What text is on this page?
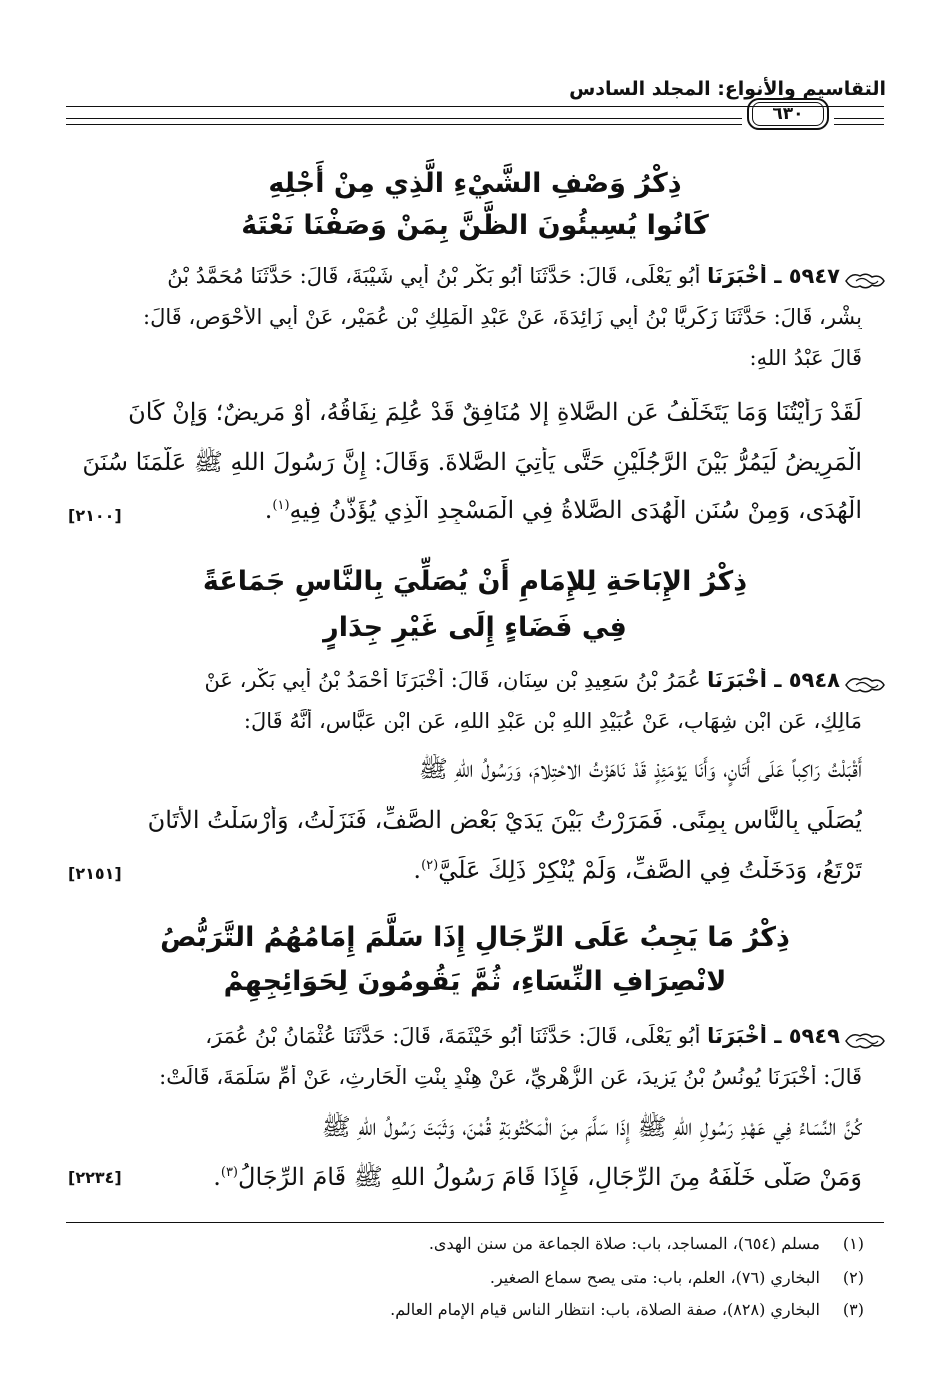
التقاسيم والأنواع: المجلد السادس
٦٣٠
ذِكْرُ وَصْفِ الشَّيْءِ الَّذِي مِنْ أَجْلِهِ
كَانُوا يُسِيئُونَ الظَّنَّ بِمَنْ وَصَفْنَا نَعْتَهُ
٥٩٤٧ ـ أَخْبَرَنَا أَبُو يَعْلَى، قَالَ: حَدَّثَنَا أَبُو بَكْرِ بْنُ أَبِي شَيْبَةَ، قَالَ: حَدَّثَنَا مُحَمَّدُ بْنُ
بِشْرٍ، قَالَ: حَدَّثَنَا زَكَرِيَّا بْنُ أَبِي زَائِدَةَ، عَنْ عَبْدِ الْمَلِكِ بْنِ عُمَيْرٍ، عَنْ أَبِي الأَحْوَصِ، قَالَ:
قَالَ عَبْدُ اللهِ:
لَقَدْ رَأَيْتُنَا وَمَا يَتَخَلَّفُ عَنِ الصَّلاةِ إِلا مُنَافِقٌ قَدْ عُلِمَ نِفَاقُهُ، أَوْ مَرِيضٌ؛ وَإِنْ كَانَ
الْمَرِيضُ لَيَمُرُّ بَيْنَ الرَّجُلَيْنِ حَتَّى يَأْتِيَ الصَّلاةَ. وَقَالَ: إِنَّ رَسُولَ اللهِ ﷺ عَلَّمَنَا سُنَنَ
الْهُدَى، وَمِنْ سُنَنِ الْهُدَى الصَّلاةُ فِي الْمَسْجِدِ الَّذِي يُؤَذَّنُ فِيهِ$^{(١)}$.
[٢١٠٠]
ذِكْرُ الإِبَاحَةِ لِلإِمَامِ أَنْ يُصَلِّيَ بِالنَّاسِ جَمَاعَةً
فِي فَضَاءٍ إِلَى غَيْرِ جِدَارٍ
٥٩٤٨ ـ أَخْبَرَنَا عُمَرُ بْنُ سَعِيدِ بْنِ سِنَانٍ، قَالَ: أَخْبَرَنَا أَحْمَدُ بْنُ أَبِي بَكْرٍ، عَنْ
مَالِكٍ، عَنِ ابْنِ شِهَابٍ، عَنْ عُبَيْدِ اللهِ بْنِ عَبْدِ اللهِ، عَنِ ابْنِ عَبَّاسٍ، أَنَّهُ قَالَ:
أَقْبَلْتُ رَاكِباً عَلَى أَتَانٍ، وَأَنَا يَوْمَئِذٍ قَدْ نَاهَزْتُ الاحْتِلامَ، وَرَسُولُ اللهِ ﷺ
يُصَلِّي بِالنَّاسِ بِمِنًى. فَمَرَرْتُ بَيْنَ يَدَيْ بَعْضِ الصَّفِّ، فَنَزَلْتُ، وَأَرْسَلْتُ الأَتَانَ
تَرْتَعُ، وَدَخَلْتُ فِي الصَّفِّ، وَلَمْ يُنْكِرْ ذَلِكَ عَلَيَّ$^{(٢)}$.
[٢١٥١]
ذِكْرُ مَا يَجِبُ عَلَى الرِّجَالِ إِذَا سَلَّمَ إِمَامُهُمُ التَّرَبُّصُ
لانْصِرَافِ النِّسَاءِ، ثُمَّ يَقُومُونَ لِحَوَائِجِهِمْ
٥٩٤٩ ـ أَخْبَرَنَا أَبُو يَعْلَى، قَالَ: حَدَّثَنَا أَبُو خَيْثَمَةَ، قَالَ: حَدَّثَنَا عُثْمَانُ بْنُ عُمَرَ،
قَالَ: أَخْبَرَنَا يُونُسُ بْنُ يَزِيدَ، عَنِ الزُّهْرِيِّ، عَنْ هِنْدٍ بِنْتِ الْحَارِثِ، عَنْ أُمِّ سَلَمَةَ، قَالَتْ:
كُنَّ النِّسَاءُ فِي عَهْدِ رَسُولِ اللهِ ﷺ إِذَا سَلَّمَ مِنَ الْمَكْتُوبَةِ قُمْنَ، وَثَبَتَ رَسُولُ اللهِ ﷺ
وَمَنْ صَلَّى خَلْفَهُ مِنَ الرِّجَالِ، فَإِذَا قَامَ رَسُولُ اللهِ ﷺ قَامَ الرِّجَالُ$^{(٣)}$.
[٢٢٣٤]
(١)مسلم (٦٥٤)، المساجد، باب: صلاة الجماعة من سنن الهدى.
(٢)البخاري (٧٦)، العلم، باب: متى يصح سماع الصغير.
(٣)البخاري (٨٢٨)، صفة الصلاة، باب: انتظار الناس قيام الإمام العالم.
